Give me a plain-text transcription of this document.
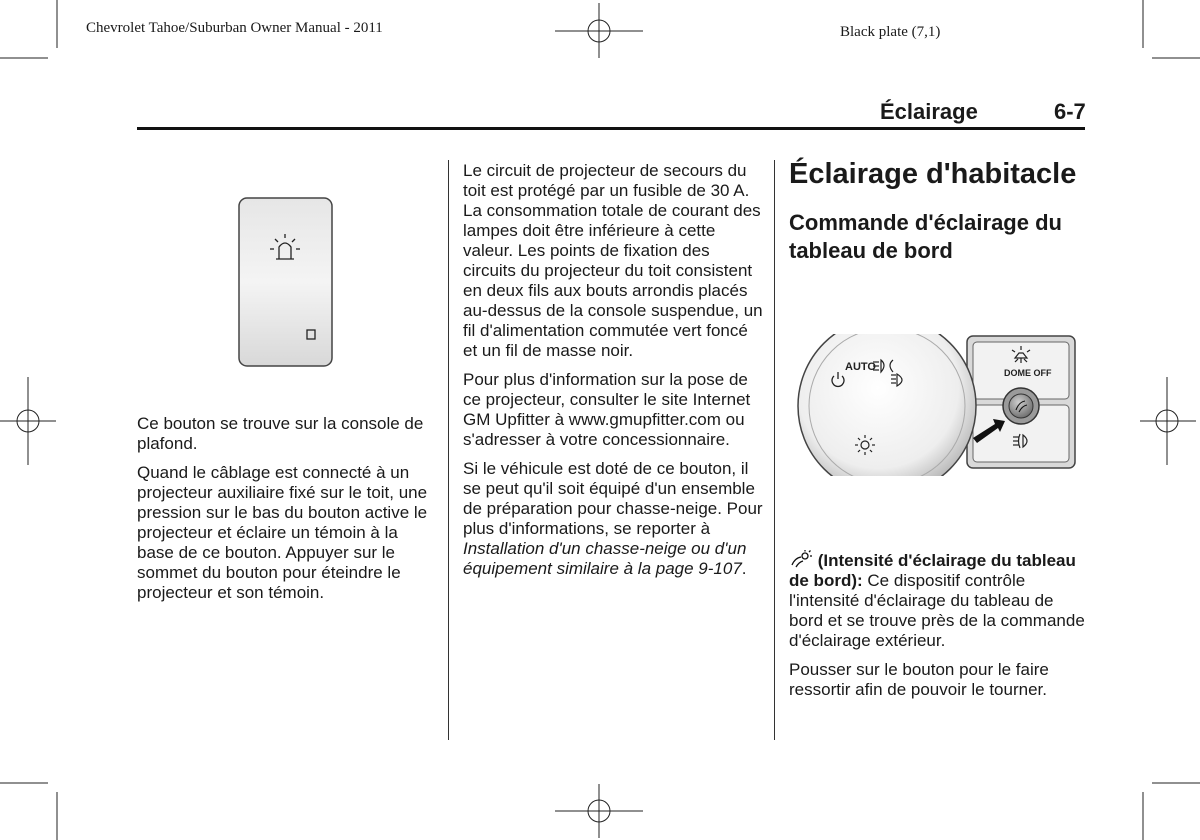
Chevrolet Tahoe/Suburban Owner Manual - 2011	Black plate (7,1)
Éclairage	6-7

Ce bouton se trouve sur la console de plafond.

Quand le câblage est connecté à un projecteur auxiliaire fixé sur le toit, une pression sur le bas du bouton active le projecteur et éclaire un témoin à la base de ce bouton. Appuyer sur le sommet du bouton pour éteindre le projecteur et son témoin.

Le circuit de projecteur de secours du toit est protégé par un fusible de 30 A. La consommation totale de courant des lampes doit être inférieure à cette valeur. Les points de fixation des circuits du projecteur du toit consistent en deux fils aux bouts arrondis placés au-dessus de la console suspendue, un fil d'alimentation commutée vert foncé et un fil de masse noir.

Pour plus d'information sur la pose de ce projecteur, consulter le site Internet GM Upfitter à www.gmupfitter.com ou s'adresser à votre concessionnaire.

Si le véhicule est doté de ce bouton, il se peut qu'il soit équipé d'un ensemble de préparation pour chasse-neige. Pour plus d'informations, se reporter à Installation d'un chasse-neige ou d'un équipement similaire à la page 9-107.

Éclairage d'habitacle
Commande d'éclairage du tableau de bord
AUTO	DOME OFF

(Intensité d'éclairage du tableau de bord): Ce dispositif contrôle l'intensité d'éclairage du tableau de bord et se trouve près de la commande d'éclairage extérieur.

Pousser sur le bouton pour le faire ressortir afin de pouvoir le tourner.
